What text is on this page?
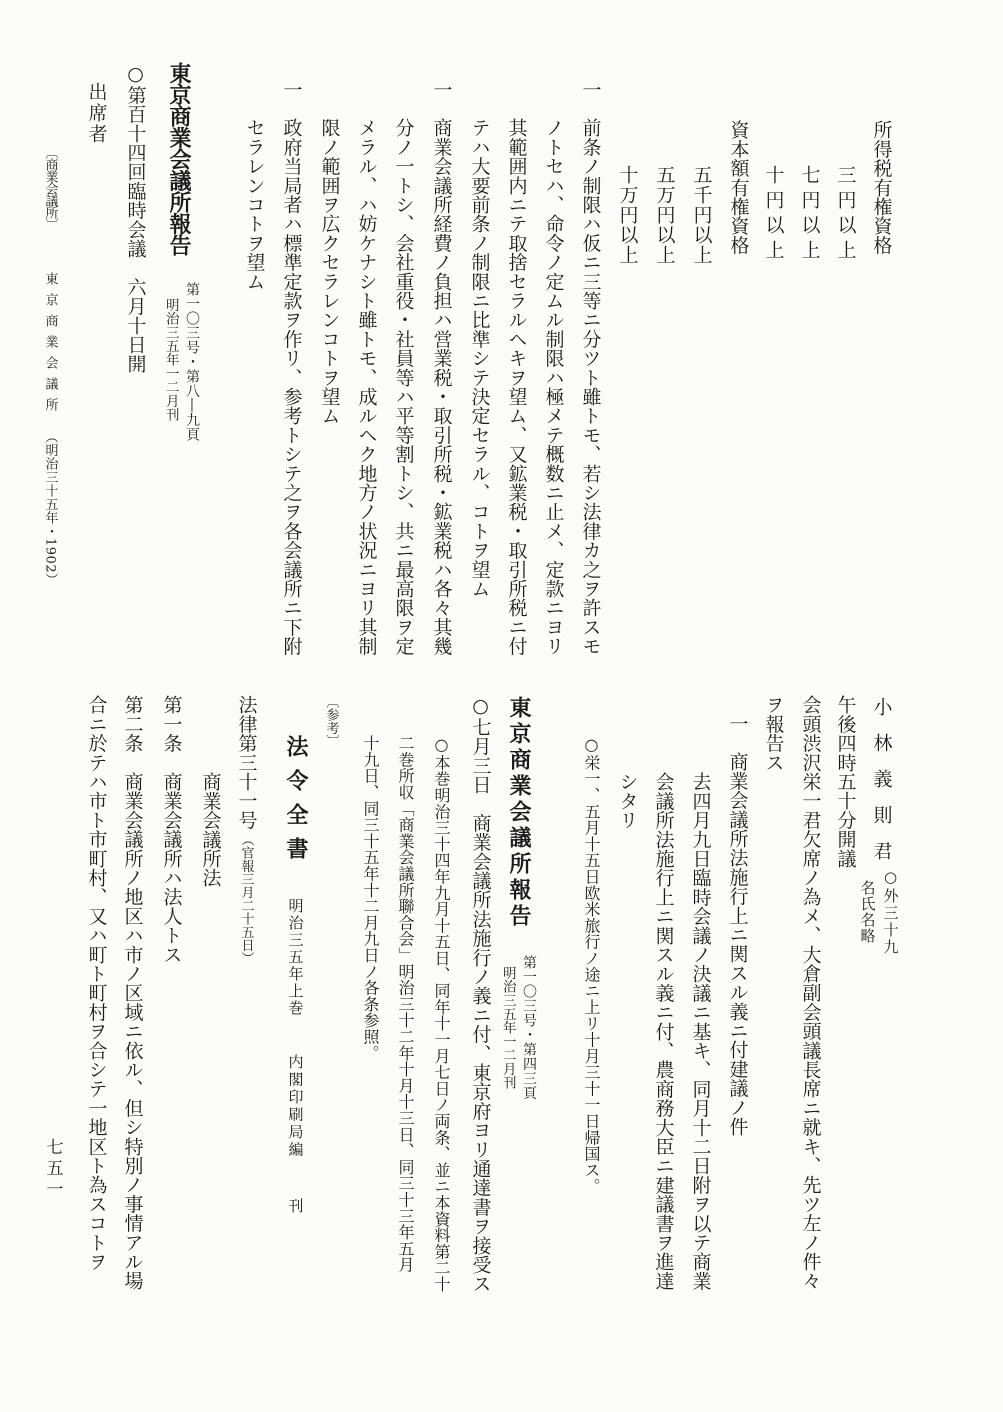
所得税有権資格
三円以上
七円以上
十円以上
資本額有権資格
五千円以上
五万円以上
十万円以上
一
前条ノ制限ハ仮ニ三等ニ分ツト雖トモ、若シ法律カ之ヲ許スモ
ノトセハ、命令ノ定ムル制限ハ極メテ概数ニ止メ、定款ニヨリ
其範囲内ニテ取捨セラルヘキヲ望ム、又鉱業税・取引所税ニ付
テハ大要前条ノ制限ニ比準シテ決定セラル、コトヲ望ム
一
商業会議所経費ノ負担ハ営業税・取引所税・鉱業税ハ各々其幾
分ノ一トシ、会社重役・社員等ハ平等割トシ、共ニ最高限ヲ定
メラル、ハ妨ケナシト雖トモ、成ルヘク地方ノ状況ニヨリ其制
限ノ範囲ヲ広クセラレンコトヲ望ム
一
政府当局者ハ標準定款ヲ作リ、参考トシテ之ヲ各会議所ニ下附
セラレンコトヲ望ム
東京商業会議所報告
第一〇三号・第八―九頁
明治三五年一二月刊
○第百十四回臨時会議　六月十日開
出席者
〔商業会議所〕
東京商業会議所
（明治三十五年・1902）
小林義則君
○外三十九
名氏名略
午後四時五十分開議
会頭渋沢栄一君欠席ノ為メ、大倉副会頭議長席ニ就キ、先ツ左ノ件々
ヲ報告ス
一
商業会議所法施行上ニ関スル義ニ付建議ノ件
去四月九日臨時会議ノ決議ニ基キ、同月十二日附ヲ以テ商業
会議所法施行上ニ関スル義ニ付、農商務大臣ニ建議書ヲ進達
シタリ
○栄一、五月十五日欧米旅行ノ途ニ上リ十月三十一日帰国ス。
東京商業会議所報告
第一〇三号・第四三頁
明治三五年一二月刊
○七月三日　商業会議所法施行ノ義ニ付、東京府ヨリ通達書ヲ接受ス
○本巻明治三十四年九月十五日、同年十一月七日ノ両条、並ニ本資料第二十
二巻所収「商業会議所聯合会」明治三十二年十月十三日、同三十三年五月
十九日、同三十五年十二月九日ノ各条参照。
〔参考〕
法令全書
明治三五年上巻
内閣印刷局編
刊
法律第三十一号
（官報三月二十五日）
商業会議所法
第一条　商業会議所ハ法人トス
第二条　商業会議所ノ地区ハ市ノ区域ニ依ル、但シ特別ノ事情アル場
合ニ於テハ市ト市町村、又ハ町ト町村ヲ合シテ一地区ト為スコトヲ
七五一
